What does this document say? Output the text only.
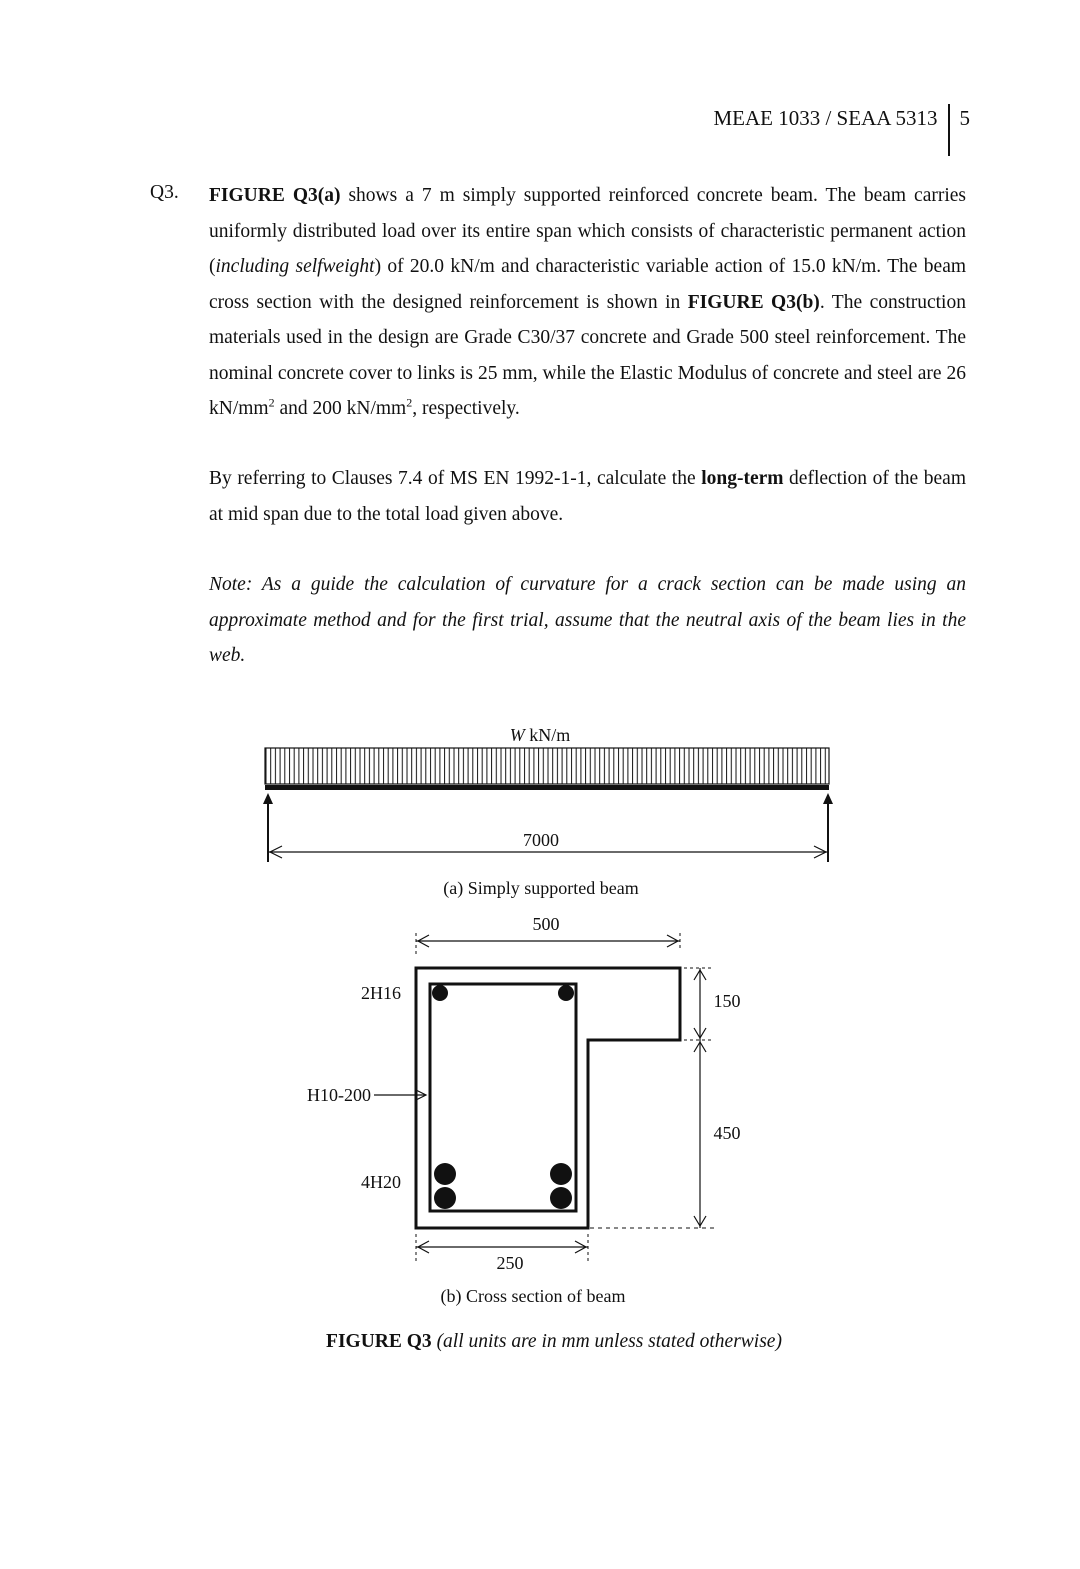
MEAE 1033 / SEAA 5313	5
Q3. FIGURE Q3(a) shows a 7 m simply supported reinforced concrete beam. The beam carries uniformly distributed load over its entire span which consists of characteristic permanent action (including selfweight) of 20.0 kN/m and characteristic variable action of 15.0 kN/m. The beam cross section with the designed reinforcement is shown in FIGURE Q3(b). The construction materials used in the design are Grade C30/37 concrete and Grade 500 steel reinforcement. The nominal concrete cover to links is 25 mm, while the Elastic Modulus of concrete and steel are 26 $kN/mm^2$ and 200 $kN/mm^2$, respectively.

By referring to Clauses 7.4 of MS EN 1992-1-1, calculate the long-term deflection of the beam at mid span due to the total load given above.

Note: As a guide the calculation of curvature for a crack section can be made using an approximate method and for the first trial, assume that the neutral axis of the beam lies in the web.

W kN/m
7000
(a) Simply supported beam
500
2H16
H10-200
4H20
150
450
250
(b) Cross section of beam
FIGURE Q3 (all units are in mm unless stated otherwise)
